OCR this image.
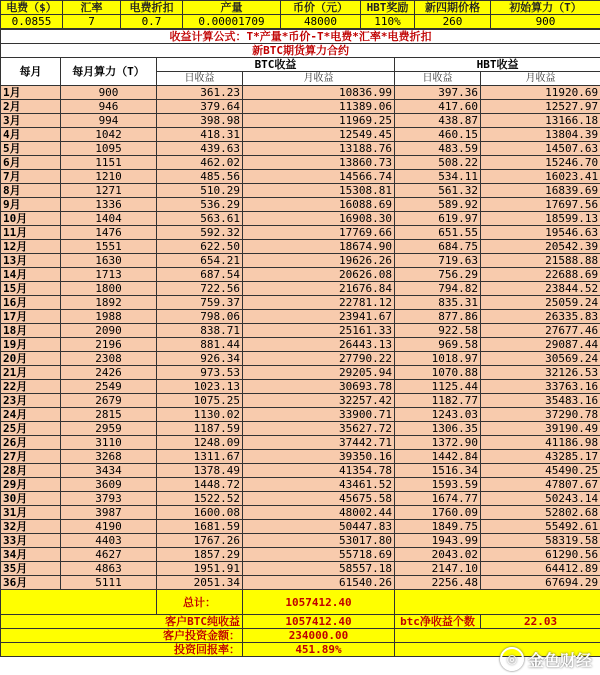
电费（$）	汇率	电费折扣	产量	币价（元）	HBT奖励	新四期价格	初始算力（T）
0.0855	7	0.7	0.00001709	48000	110%	260	900
收益计算公式：T*产量*币价-T*电费*汇率*电费折扣					
新BTC期货算力合约					
每月	每月算力（T）	BTC收益		HBT收益	
		日收益	月收益	日收益	月收益
1月	900	361.23	10836.99	397.36	11920.69
2月	946	379.64	11389.06	417.60	12527.97
3月	994	398.98	11969.25	438.87	13166.18
4月	1042	418.31	12549.45	460.15	13804.39
5月	1095	439.63	13188.76	483.59	14507.63
6月	1151	462.02	13860.73	508.22	15246.70
7月	1210	485.56	14566.74	534.11	16023.41
8月	1271	510.29	15308.81	561.32	16839.69
9月	1336	536.29	16088.69	589.92	17697.56
10月	1404	563.61	16908.30	619.97	18599.13
11月	1476	592.32	17769.66	651.55	19546.63
12月	1551	622.50	18674.90	684.75	20542.39
13月	1630	654.21	19626.26	719.63	21588.88
14月	1713	687.54	20626.08	756.29	22688.69
15月	1800	722.56	21676.84	794.82	23844.52
16月	1892	759.37	22781.12	835.31	25059.24
17月	1988	798.06	23941.67	877.86	26335.83
18月	2090	838.71	25161.33	922.58	27677.46
19月	2196	881.44	26443.13	969.58	29087.44
20月	2308	926.34	27790.22	1018.97	30569.24
21月	2426	973.53	29205.94	1070.88	32126.53
22月	2549	1023.13	30693.78	1125.44	33763.16
23月	2679	1075.25	32257.42	1182.77	35483.16
24月	2815	1130.02	33900.71	1243.03	37290.78
25月	2959	1187.59	35627.72	1306.35	39190.49
26月	3110	1248.09	37442.71	1372.90	41186.98
27月	3268	1311.67	39350.16	1442.84	43285.17
28月	3434	1378.49	41354.78	1516.34	45490.25
29月	3609	1448.72	43461.52	1593.59	47807.67
30月	3793	1522.52	45675.58	1674.77	50243.14
31月	3987	1600.08	48002.44	1760.09	52802.68
32月	4190	1681.59	50447.83	1849.75	55492.61
33月	4403	1767.26	53017.80	1943.99	58319.58
34月	4627	1857.29	55718.69	2043.02	61290.56
35月	4863	1951.91	58557.18	2147.10	64412.89
36月	5111	2051.34	61540.26	2256.48	67694.29
		总计：	1057412.40		
客户BTC纯收益			1057412.40	btc净收益个数	22.03
客户投资金额：			234000.00		
投资回报率：			451.89%		
◎ 金色财经
